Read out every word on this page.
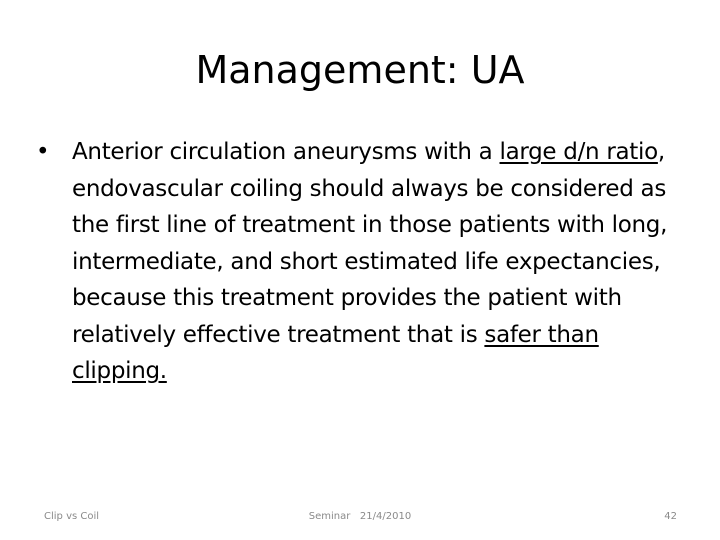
Management: UA
• Anterior circulation aneurysms with a large d/n ratio, endovascular coiling should always be considered as the first line of treatment in those patients with long, intermediate, and short estimated life expectancies, because this treatment provides the patient with relatively effective treatment that is safer than clipping.
Clip vs Coil	Seminar   21/4/2010	42
